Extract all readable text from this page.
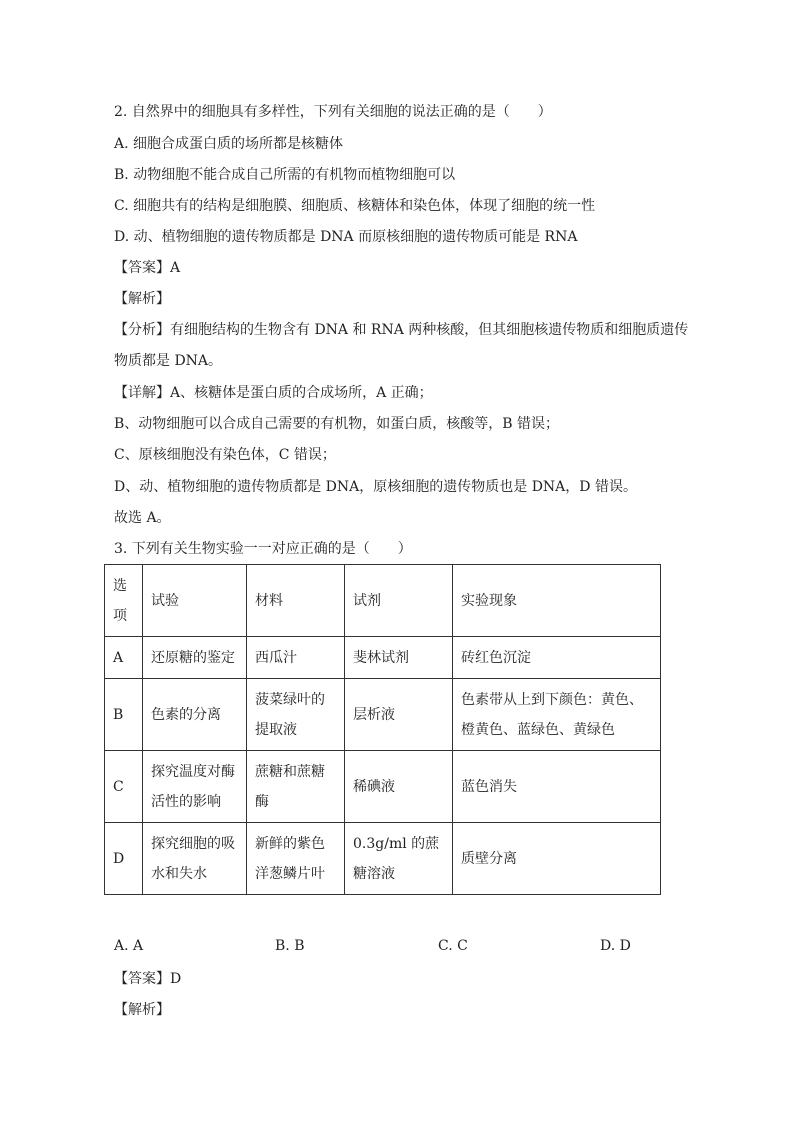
2. 自然界中的细胞具有多样性，下列有关细胞的说法正确的是（　　）
A. 细胞合成蛋白质的场所都是核糖体
B. 动物细胞不能合成自己所需的有机物而植物细胞可以
C. 细胞共有的结构是细胞膜、细胞质、核糖体和染色体，体现了细胞的统一性
D. 动、植物细胞的遗传物质都是 DNA 而原核细胞的遗传物质可能是 RNA
【答案】A
【解析】
【分析】有细胞结构的生物含有 DNA 和 RNA 两种核酸，但其细胞核遗传物质和细胞质遗传
物质都是 DNA。
【详解】A、核糖体是蛋白质的合成场所，A 正确；
B、动物细胞可以合成自己需要的有机物，如蛋白质，核酸等，B 错误；
C、原核细胞没有染色体，C 错误；
D、动、植物细胞的遗传物质都是 DNA，原核细胞的遗传物质也是 DNA，D 错误。
故选 A。
3. 下列有关生物实验一一对应正确的是（　　）
选项	试验	材料	试剂	实验现象
A	还原糖的鉴定	西瓜汁	斐林试剂	砖红色沉淀
B	色素的分离	菠菜绿叶的提取液	层析液	色素带从上到下颜色：黄色、橙黄色、蓝绿色、黄绿色
C	探究温度对酶活性的影响	蔗糖和蔗糖酶	稀碘液	蓝色消失
D	探究细胞的吸水和失水	新鲜的紫色洋葱鳞片叶	0.3g/ml 的蔗糖溶液	质壁分离
A. A	B. B	C. C	D. D
【答案】D
【解析】
